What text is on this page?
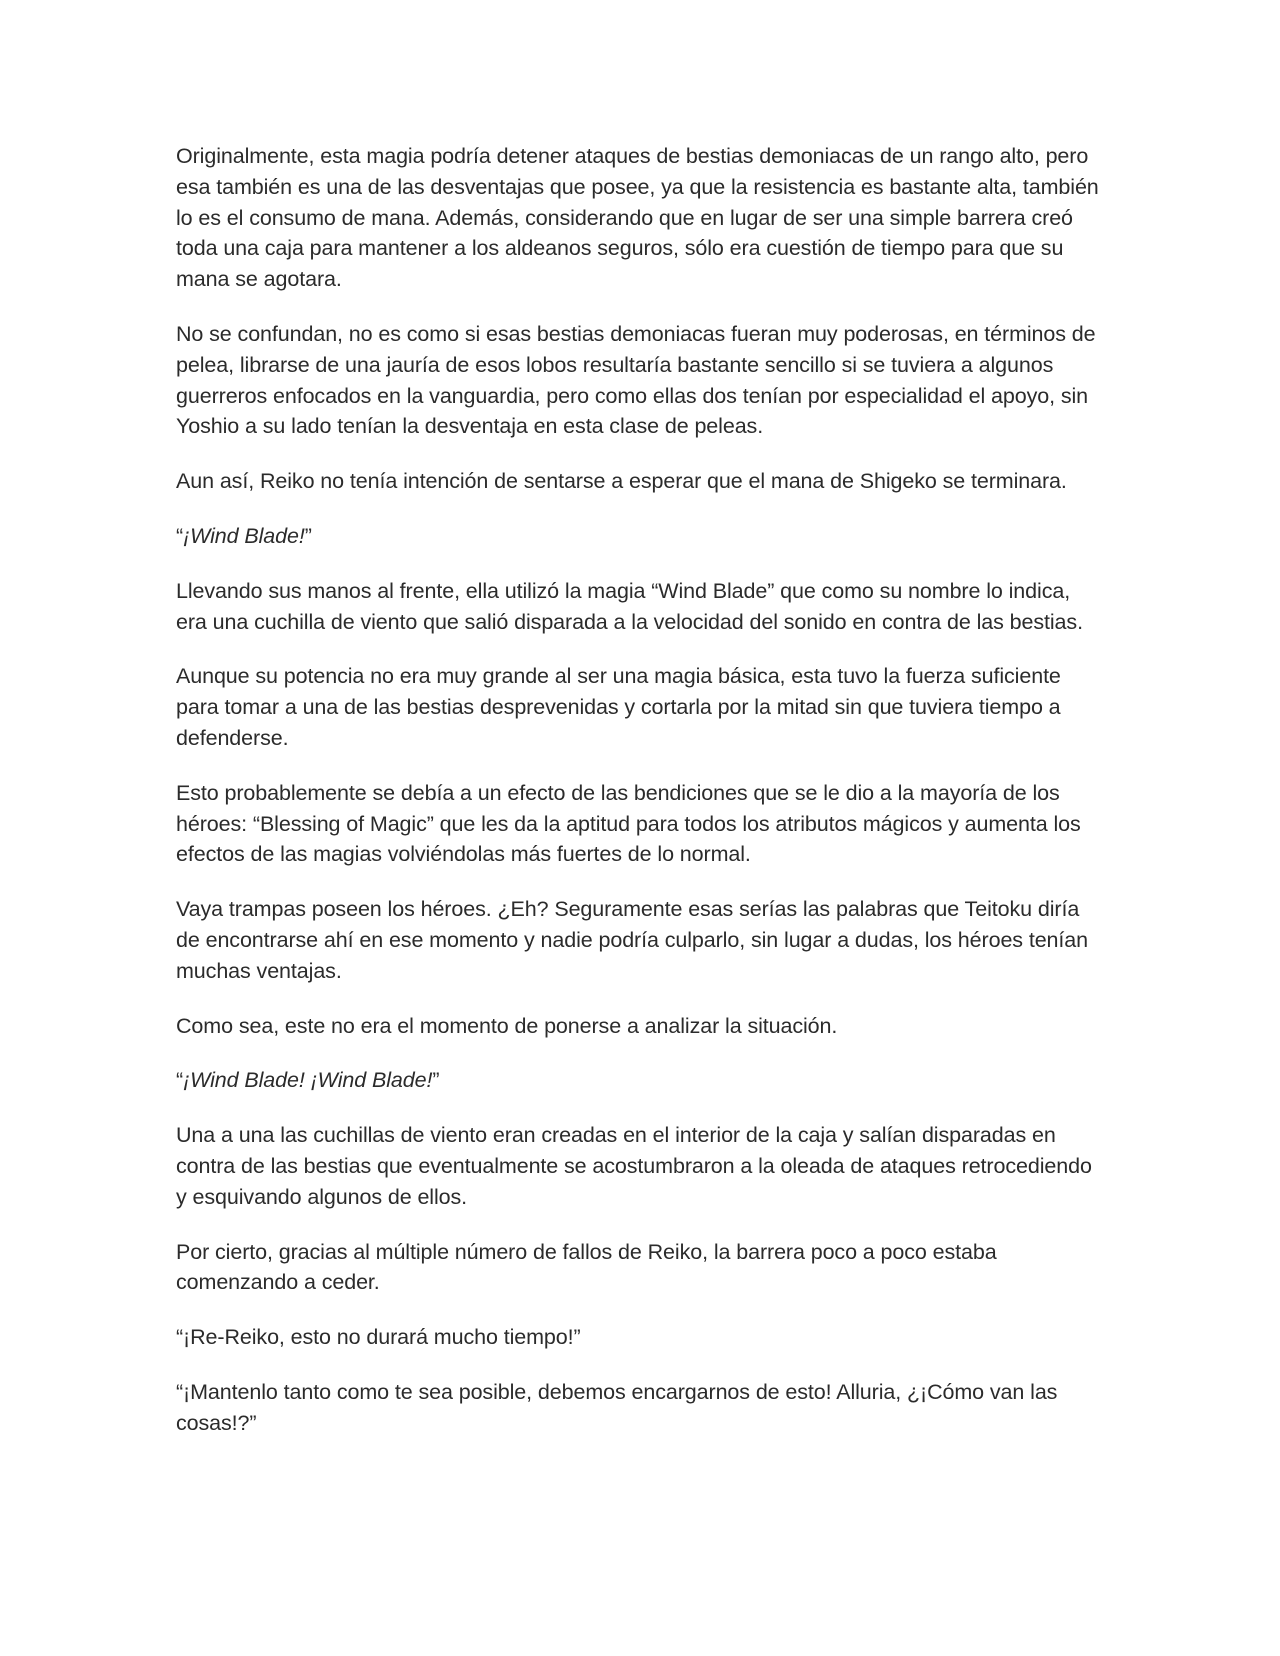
Originalmente, esta magia podría detener ataques de bestias demoniacas de un rango alto, pero esa también es una de las desventajas que posee, ya que la resistencia es bastante alta, también lo es el consumo de mana. Además, considerando que en lugar de ser una simple barrera creó toda una caja para mantener a los aldeanos seguros, sólo era cuestión de tiempo para que su mana se agotara.

No se confundan, no es como si esas bestias demoniacas fueran muy poderosas, en términos de pelea, librarse de una jauría de esos lobos resultaría bastante sencillo si se tuviera a algunos guerreros enfocados en la vanguardia, pero como ellas dos tenían por especialidad el apoyo, sin Yoshio a su lado tenían la desventaja en esta clase de peleas.

Aun así, Reiko no tenía intención de sentarse a esperar que el mana de Shigeko se terminara.

“¡Wind Blade!”

Llevando sus manos al frente, ella utilizó la magia “Wind Blade” que como su nombre lo indica, era una cuchilla de viento que salió disparada a la velocidad del sonido en contra de las bestias.

Aunque su potencia no era muy grande al ser una magia básica, esta tuvo la fuerza suficiente para tomar a una de las bestias desprevenidas y cortarla por la mitad sin que tuviera tiempo a defenderse.

Esto probablemente se debía a un efecto de las bendiciones que se le dio a la mayoría de los héroes: “Blessing of Magic” que les da la aptitud para todos los atributos mágicos y aumenta los efectos de las magias volviéndolas más fuertes de lo normal.

Vaya trampas poseen los héroes. ¿Eh? Seguramente esas serías las palabras que Teitoku diría de encontrarse ahí en ese momento y nadie podría culparlo, sin lugar a dudas, los héroes tenían muchas ventajas.

Como sea, este no era el momento de ponerse a analizar la situación.

“¡Wind Blade! ¡Wind Blade!”

Una a una las cuchillas de viento eran creadas en el interior de la caja y salían disparadas en contra de las bestias que eventualmente se acostumbraron a la oleada de ataques retrocediendo y esquivando algunos de ellos.

Por cierto, gracias al múltiple número de fallos de Reiko, la barrera poco a poco estaba comenzando a ceder.

“¡Re-Reiko, esto no durará mucho tiempo!”

“¡Mantenlo tanto como te sea posible, debemos encargarnos de esto! Alluria, ¿¡Cómo van las cosas!?”
